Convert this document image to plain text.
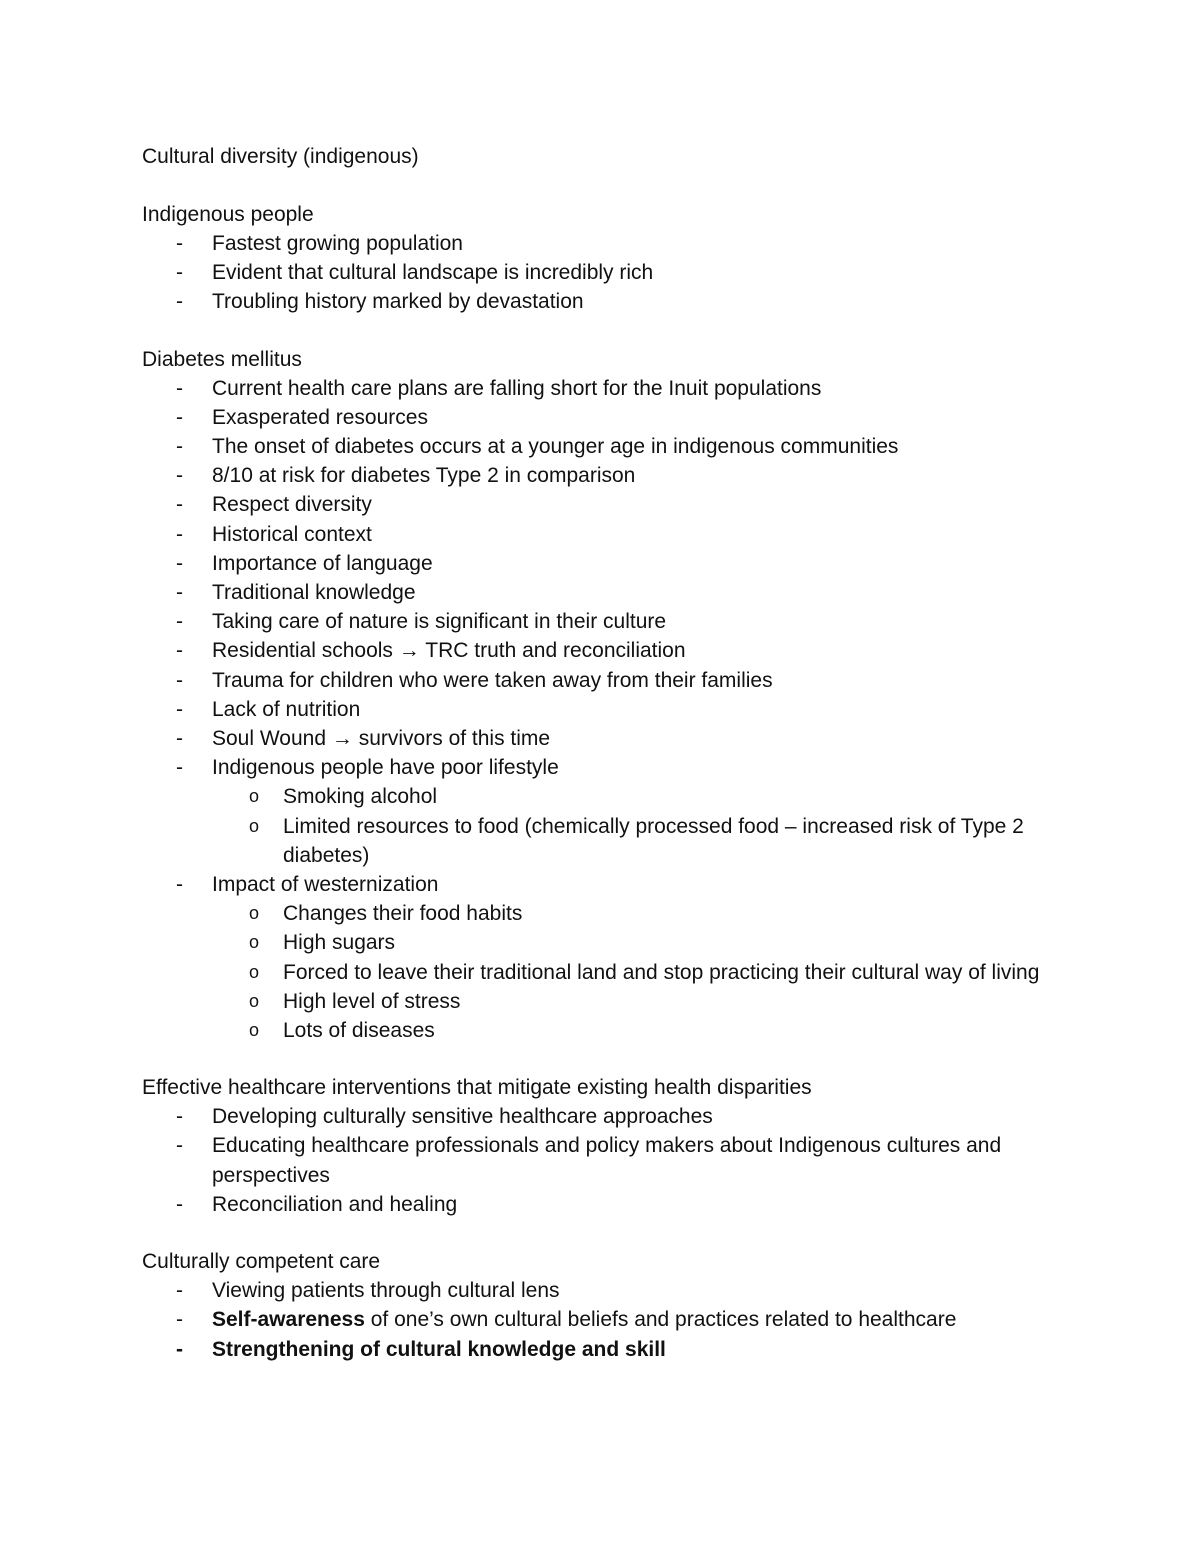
Cultural diversity (indigenous)
Indigenous people
- Fastest growing population
- Evident that cultural landscape is incredibly rich
- Troubling history marked by devastation
Diabetes mellitus
- Current health care plans are falling short for the Inuit populations
- Exasperated resources
- The onset of diabetes occurs at a younger age in indigenous communities
- 8/10 at risk for diabetes Type 2 in comparison
- Respect diversity
- Historical context
- Importance of language
- Traditional knowledge
- Taking care of nature is significant in their culture
- Residential schools → TRC truth and reconciliation
- Trauma for children who were taken away from their families
- Lack of nutrition
- Soul Wound → survivors of this time
- Indigenous people have poor lifestyle
o Smoking alcohol
o Limited resources to food (chemically processed food – increased risk of Type 2 diabetes)
- Impact of westernization
o Changes their food habits
o High sugars
o Forced to leave their traditional land and stop practicing their cultural way of living
o High level of stress
o Lots of diseases
Effective healthcare interventions that mitigate existing health disparities
- Developing culturally sensitive healthcare approaches
- Educating healthcare professionals and policy makers about Indigenous cultures and perspectives
- Reconciliation and healing
Culturally competent care
- Viewing patients through cultural lens
- Self-awareness of one’s own cultural beliefs and practices related to healthcare
- Strengthening of cultural knowledge and skill
